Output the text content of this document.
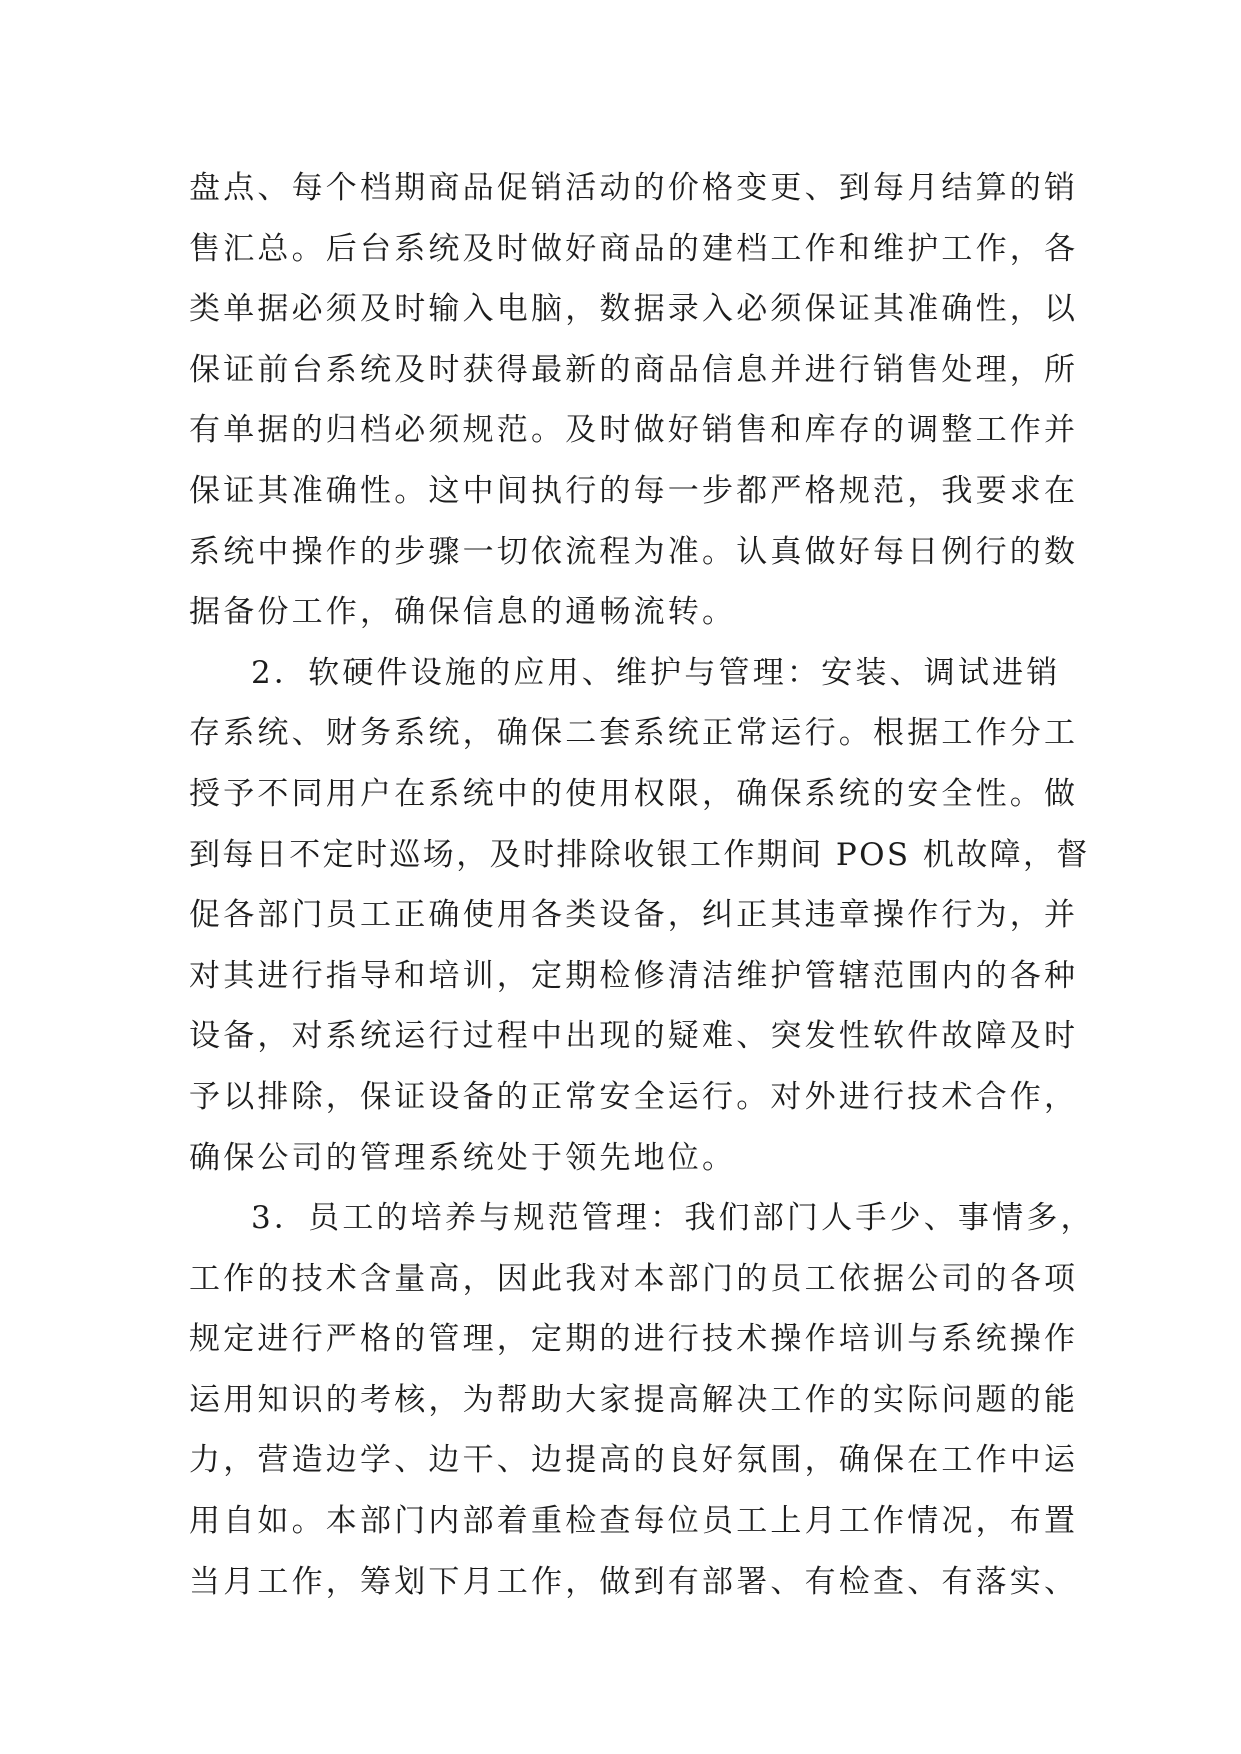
盘点、每个档期商品促销活动的价格变更、到每月结算的销
售汇总。后台系统及时做好商品的建档工作和维护工作，各
类单据必须及时输入电脑，数据录入必须保证其准确性，以
保证前台系统及时获得最新的商品信息并进行销售处理，所
有单据的归档必须规范。及时做好销售和库存的调整工作并
保证其准确性。这中间执行的每一步都严格规范，我要求在
系统中操作的步骤一切依流程为准。认真做好每日例行的数
据备份工作，确保信息的通畅流转。
2．软硬件设施的应用、维护与管理：安装、调试进销
存系统、财务系统，确保二套系统正常运行。根据工作分工
授予不同用户在系统中的使用权限，确保系统的安全性。做
到每日不定时巡场，及时排除收银工作期间 POS 机故障，督
促各部门员工正确使用各类设备，纠正其违章操作行为，并
对其进行指导和培训，定期检修清洁维护管辖范围内的各种
设备，对系统运行过程中出现的疑难、突发性软件故障及时
予以排除，保证设备的正常安全运行。对外进行技术合作，
确保公司的管理系统处于领先地位。
3．员工的培养与规范管理：我们部门人手少、事情多，
工作的技术含量高，因此我对本部门的员工依据公司的各项
规定进行严格的管理，定期的进行技术操作培训与系统操作
运用知识的考核，为帮助大家提高解决工作的实际问题的能
力，营造边学、边干、边提高的良好氛围，确保在工作中运
用自如。本部门内部着重检查每位员工上月工作情况，布置
当月工作，筹划下月工作，做到有部署、有检查、有落实、
